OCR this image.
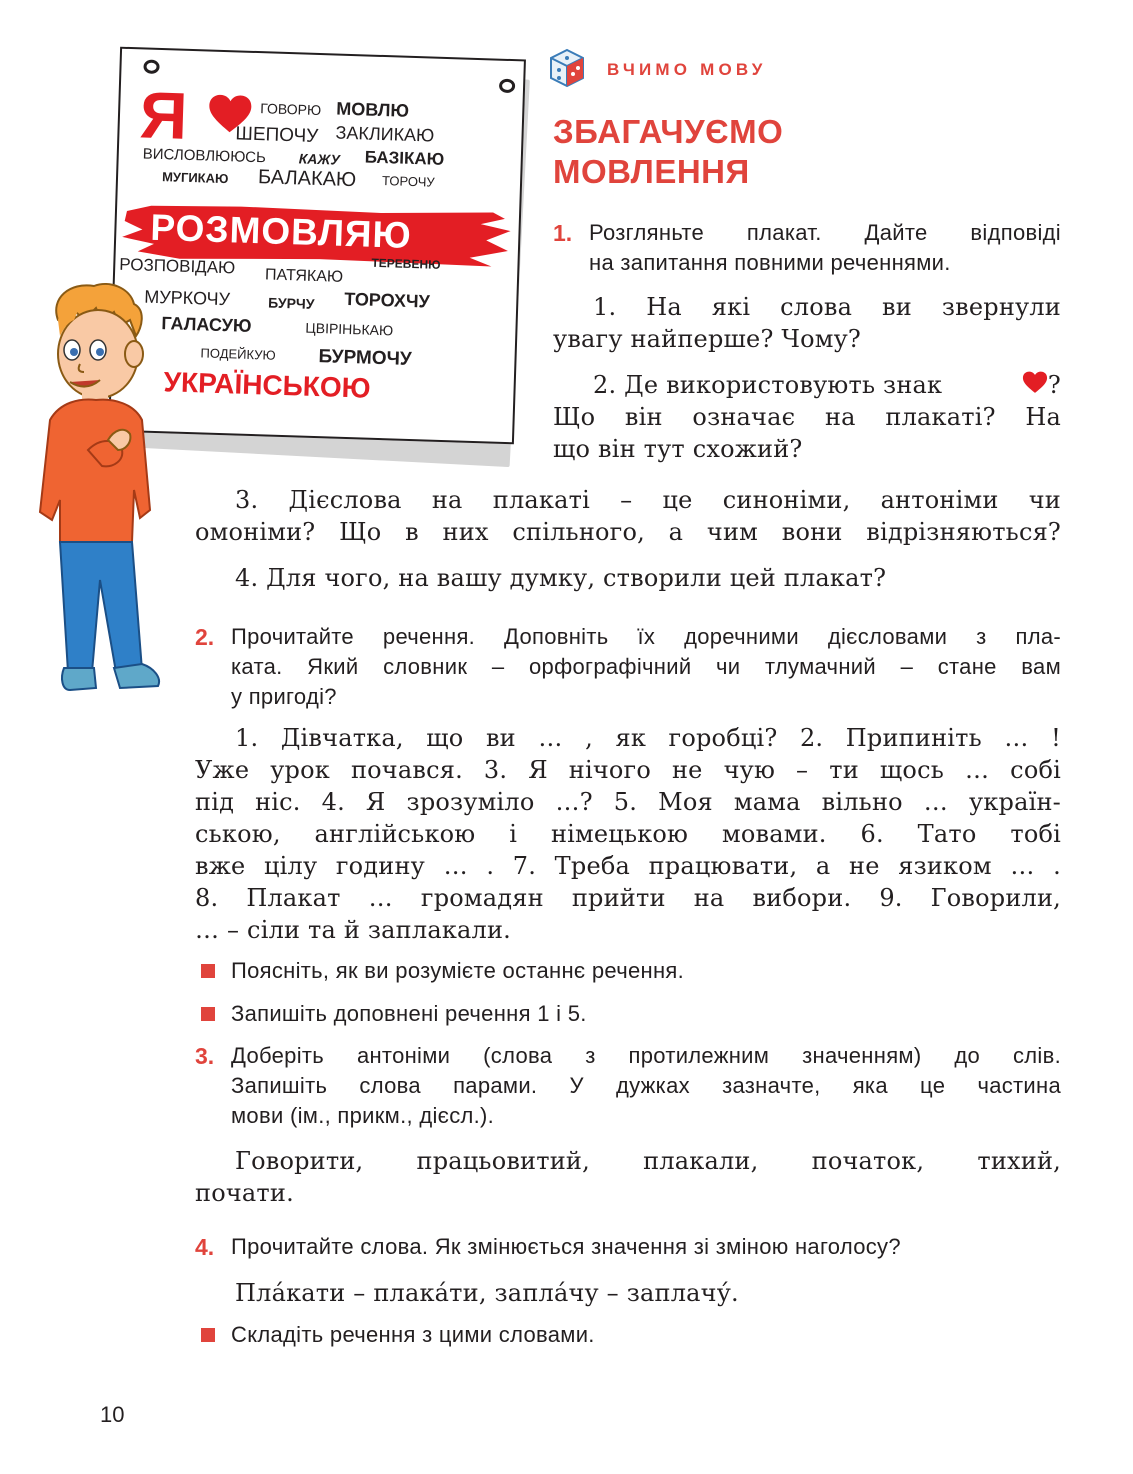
Я	ГОВОРЮ МОВЛЮ
ШЕПОЧУ ЗАКЛИКАЮ
ВИСЛОВЛЮЮСЬ КАЖУ БАЗІКАЮ
МУГИКАЮ БАЛАКАЮ ТОРОЧУ
РОЗМОВЛЯЮ
ТЕРЕВЕНЮ
РОЗПОВІДАЮ ПАТЯКАЮ
МУРКОЧУ	БУРЧУ ТОРОХЧУ
ГАЛАСУЮ	ЦВІРІНЬКАЮ
ПОДЕЙКУЮ БУРМОЧУ
УКРАЇНСЬКОЮ
ВЧИМО МОВУ
ЗБАГАЧУЄМО
МОВЛЕННЯ
1. Розгляньте плакат. Дайте відповіді
на запитання повними реченнями.
1. На які слова ви звернули
увагу найперше? Чому?
2. Де використовують знак	?
Що він означає на плакаті? На
що він тут схожий?
3. Дієслова на плакаті – це синоніми, антоніми чи
омоніми? Що в них спільного, а чим вони відрізняються?
4. Для чого, на вашу думку, створили цей плакат?
2. Прочитайте речення. Доповніть їх доречними дієсловами з пла-
ката. Який словник – орфографічний чи тлумачний – стане вам
у пригоді?
1. Дівчатка, що ви … , як горобці? 2. Припиніть … !
Уже урок почався. 3. Я нічого не чую – ти щось … собі
під ніс. 4. Я зрозуміло …? 5. Моя мама вільно … україн-
ською, англійською і німецькою мовами. 6. Тато тобі
вже цілу годину … . 7. Треба працювати, а не язиком … .
8. Плакат … громадян прийти на вибори. 9. Говорили,
… – сіли та й заплакали.
Поясніть, як ви розумієте останнє речення.
Запишіть доповнені речення 1 і 5.
3. Доберіть антоніми (слова з протилежним значенням) до слів.
Запишіть слова парами. У дужках зазначте, яка це частина
мови (ім., прикм., дієсл.).
Говорити, працьовитий, плакали, початок, тихий,
почати.
4. Прочитайте слова. Як змінюється значення зі зміною наголосу?
Пла́кати – плака́ти, запла́чу – заплачу́.
Складіть речення з цими словами.
10
